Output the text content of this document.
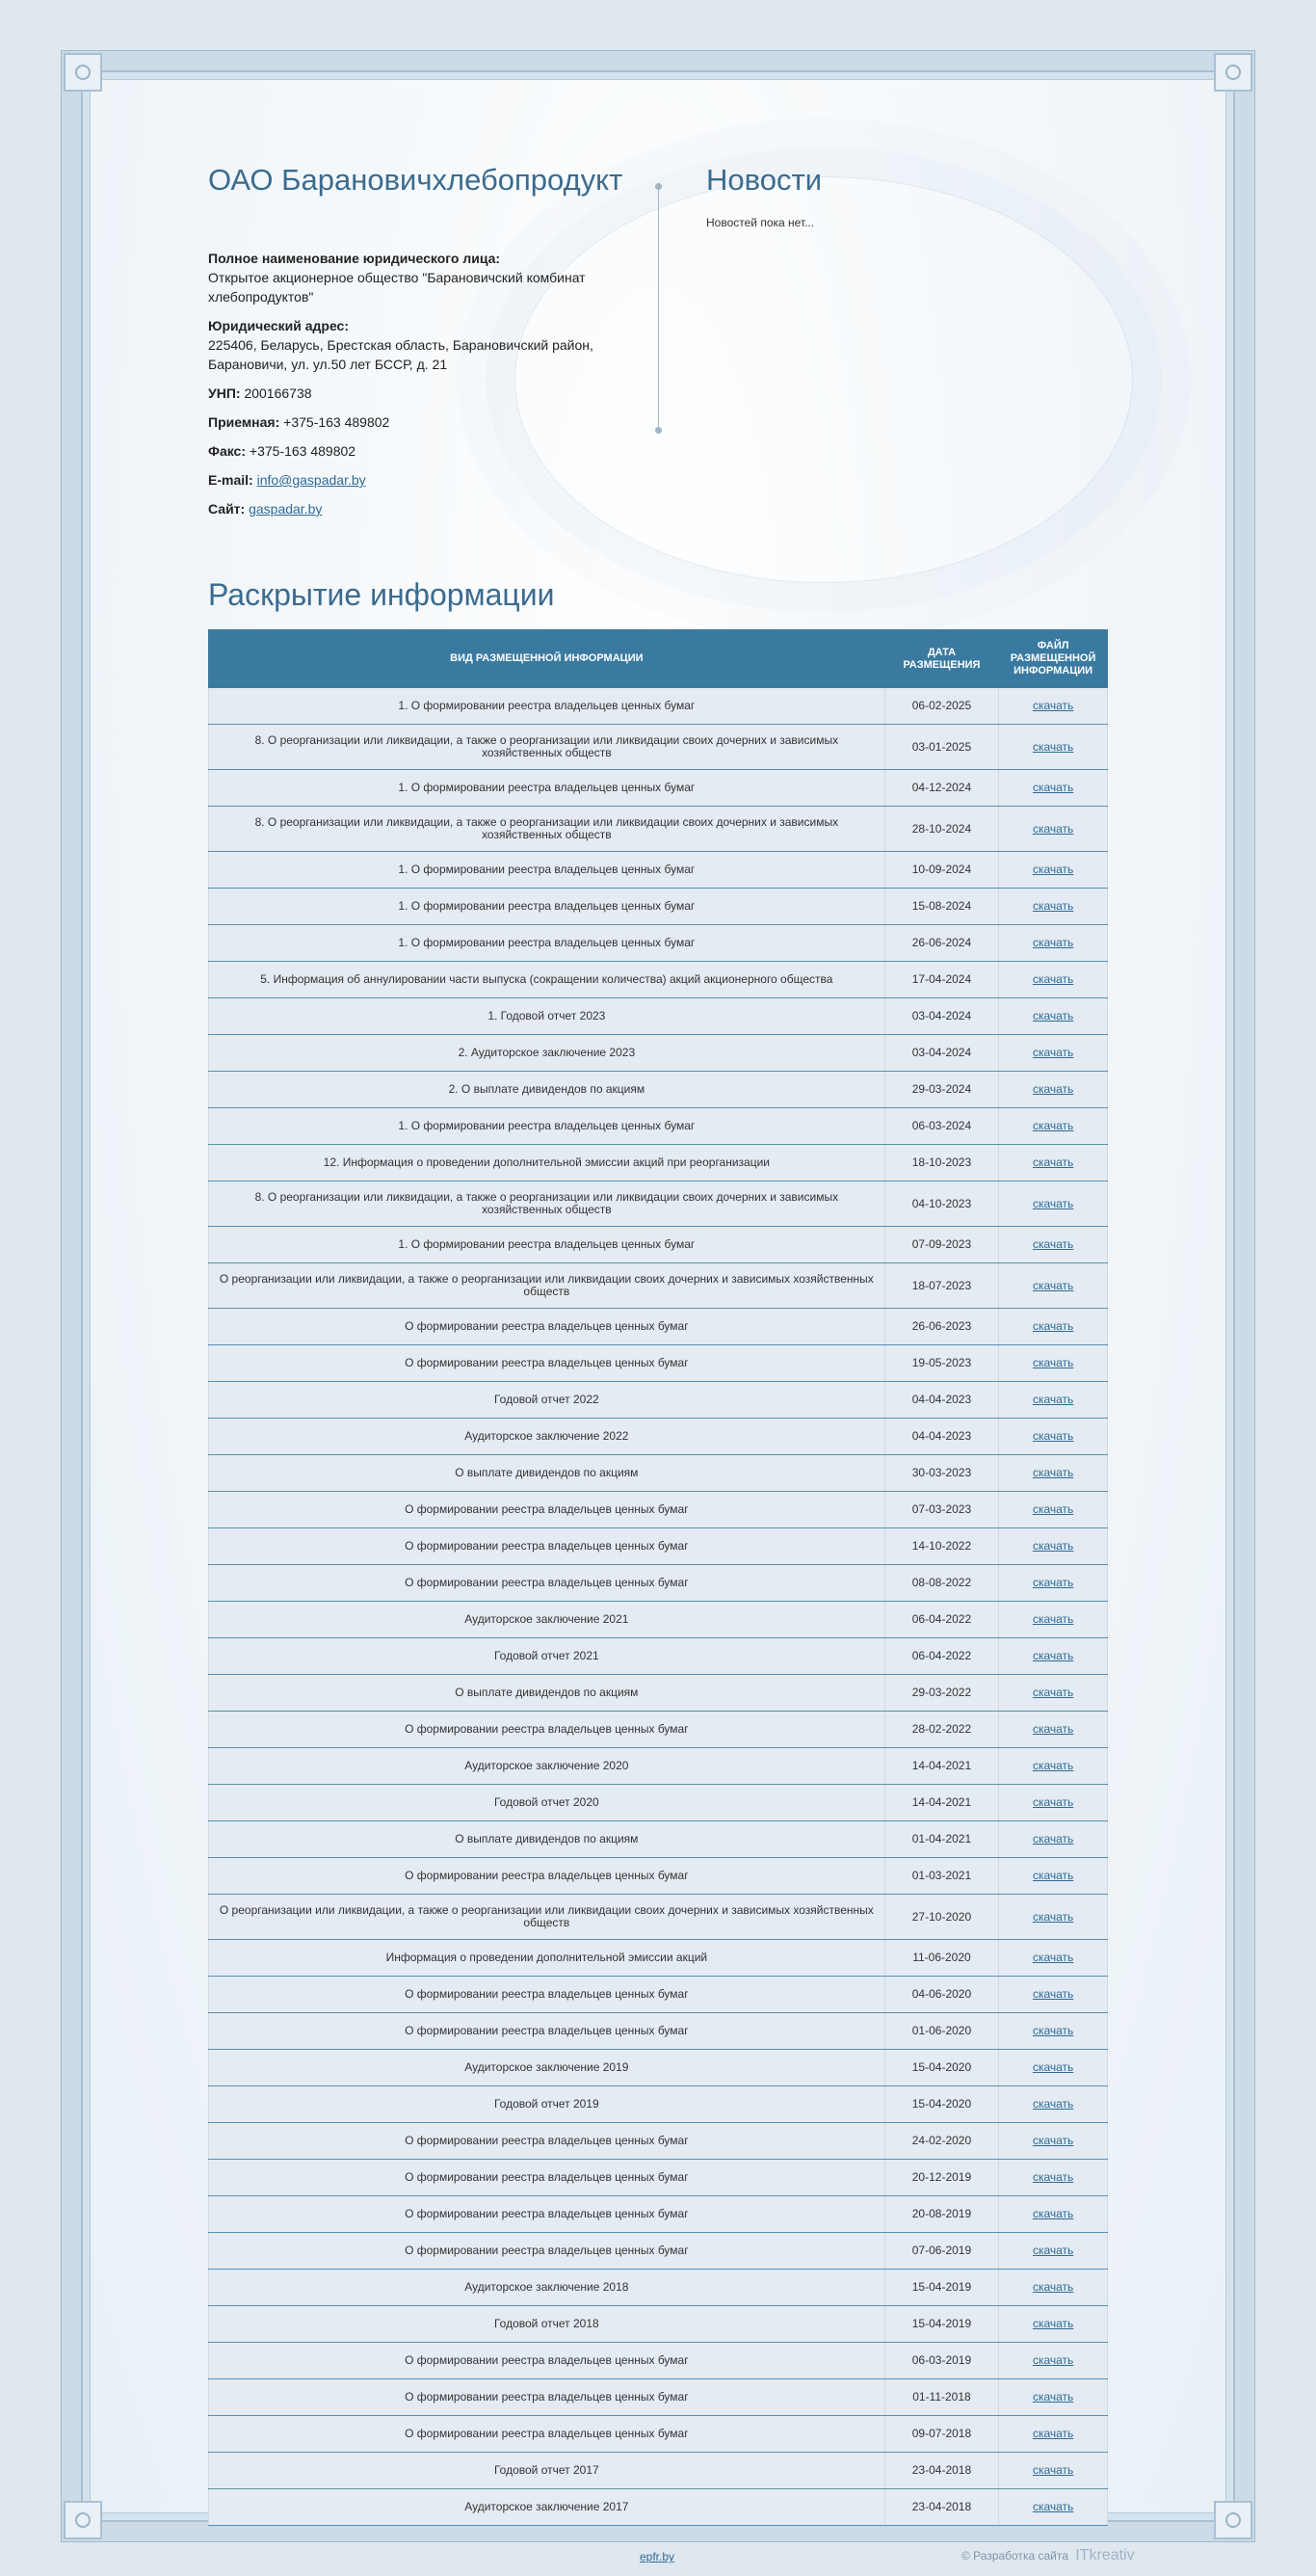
ОАО Барановичхлебопродукт

Полное наименование юридического лица:
Открытое акционерное общество "Барановичский комбинат хлебопродуктов"

Юридический адрес:
225406, Беларусь, Брестская область, Барановичский район, Барановичи, ул. ул.50 лет БССР, д. 21

УНП: 200166738

Приемная: +375-163 489802

Факс: +375-163 489802

E-mail: info@gaspadar.by

Сайт: gaspadar.by

Новости
Новостей пока нет...
Раскрытие информации
ВИД РАЗМЕЩЕННОЙ ИНФОРМАЦИИ	ДАТА РАЗМЕЩЕНИЯ	ФАЙЛ РАЗМЕЩЕННОЙ ИНФОРМАЦИИ
1. О формировании реестра владельцев ценных бумаг	06-02-2025	скачать
8. О реорганизации или ликвидации, а также о реорганизации или ликвидации своих дочерних и зависимых хозяйственных обществ	03-01-2025	скачать
1. О формировании реестра владельцев ценных бумаг	04-12-2024	скачать
8. О реорганизации или ликвидации, а также о реорганизации или ликвидации своих дочерних и зависимых хозяйственных обществ	28-10-2024	скачать
1. О формировании реестра владельцев ценных бумаг	10-09-2024	скачать
1. О формировании реестра владельцев ценных бумаг	15-08-2024	скачать
1. О формировании реестра владельцев ценных бумаг	26-06-2024	скачать
5. Информация об аннулировании части выпуска (сокращении количества) акций акционерного общества	17-04-2024	скачать
1. Годовой отчет 2023	03-04-2024	скачать
2. Аудиторское заключение 2023	03-04-2024	скачать
2. О выплате дивидендов по акциям	29-03-2024	скачать
1. О формировании реестра владельцев ценных бумаг	06-03-2024	скачать
12. Информация о проведении дополнительной эмиссии акций при реорганизации	18-10-2023	скачать
8. О реорганизации или ликвидации, а также о реорганизации или ликвидации своих дочерних и зависимых хозяйственных обществ	04-10-2023	скачать
1. О формировании реестра владельцев ценных бумаг	07-09-2023	скачать
О реорганизации или ликвидации, а также о реорганизации или ликвидации своих дочерних и зависимых хозяйственных обществ	18-07-2023	скачать
О формировании реестра владельцев ценных бумаг	26-06-2023	скачать
О формировании реестра владельцев ценных бумаг	19-05-2023	скачать
Годовой отчет 2022	04-04-2023	скачать
Аудиторское заключение 2022	04-04-2023	скачать
О выплате дивидендов по акциям	30-03-2023	скачать
О формировании реестра владельцев ценных бумаг	07-03-2023	скачать
О формировании реестра владельцев ценных бумаг	14-10-2022	скачать
О формировании реестра владельцев ценных бумаг	08-08-2022	скачать
Аудиторское заключение 2021	06-04-2022	скачать
Годовой отчет 2021	06-04-2022	скачать
О выплате дивидендов по акциям	29-03-2022	скачать
О формировании реестра владельцев ценных бумаг	28-02-2022	скачать
Аудиторское заключение 2020	14-04-2021	скачать
Годовой отчет 2020	14-04-2021	скачать
О выплате дивидендов по акциям	01-04-2021	скачать
О формировании реестра владельцев ценных бумаг	01-03-2021	скачать
О реорганизации или ликвидации, а также о реорганизации или ликвидации своих дочерних и зависимых хозяйственных обществ	27-10-2020	скачать
Информация о проведении дополнительной эмиссии акций	11-06-2020	скачать
О формировании реестра владельцев ценных бумаг	04-06-2020	скачать
О формировании реестра владельцев ценных бумаг	01-06-2020	скачать
Аудиторское заключение 2019	15-04-2020	скачать
Годовой отчет 2019	15-04-2020	скачать
О формировании реестра владельцев ценных бумаг	24-02-2020	скачать
О формировании реестра владельцев ценных бумаг	20-12-2019	скачать
О формировании реестра владельцев ценных бумаг	20-08-2019	скачать
О формировании реестра владельцев ценных бумаг	07-06-2019	скачать
Аудиторское заключение 2018	15-04-2019	скачать
Годовой отчет 2018	15-04-2019	скачать
О формировании реестра владельцев ценных бумаг	06-03-2019	скачать
О формировании реестра владельцев ценных бумаг	01-11-2018	скачать
О формировании реестра владельцев ценных бумаг	09-07-2018	скачать
Годовой отчет 2017	23-04-2018	скачать
Аудиторское заключение 2017	23-04-2018	скачать
epfr.by	© Разработка сайта ITkreativ
